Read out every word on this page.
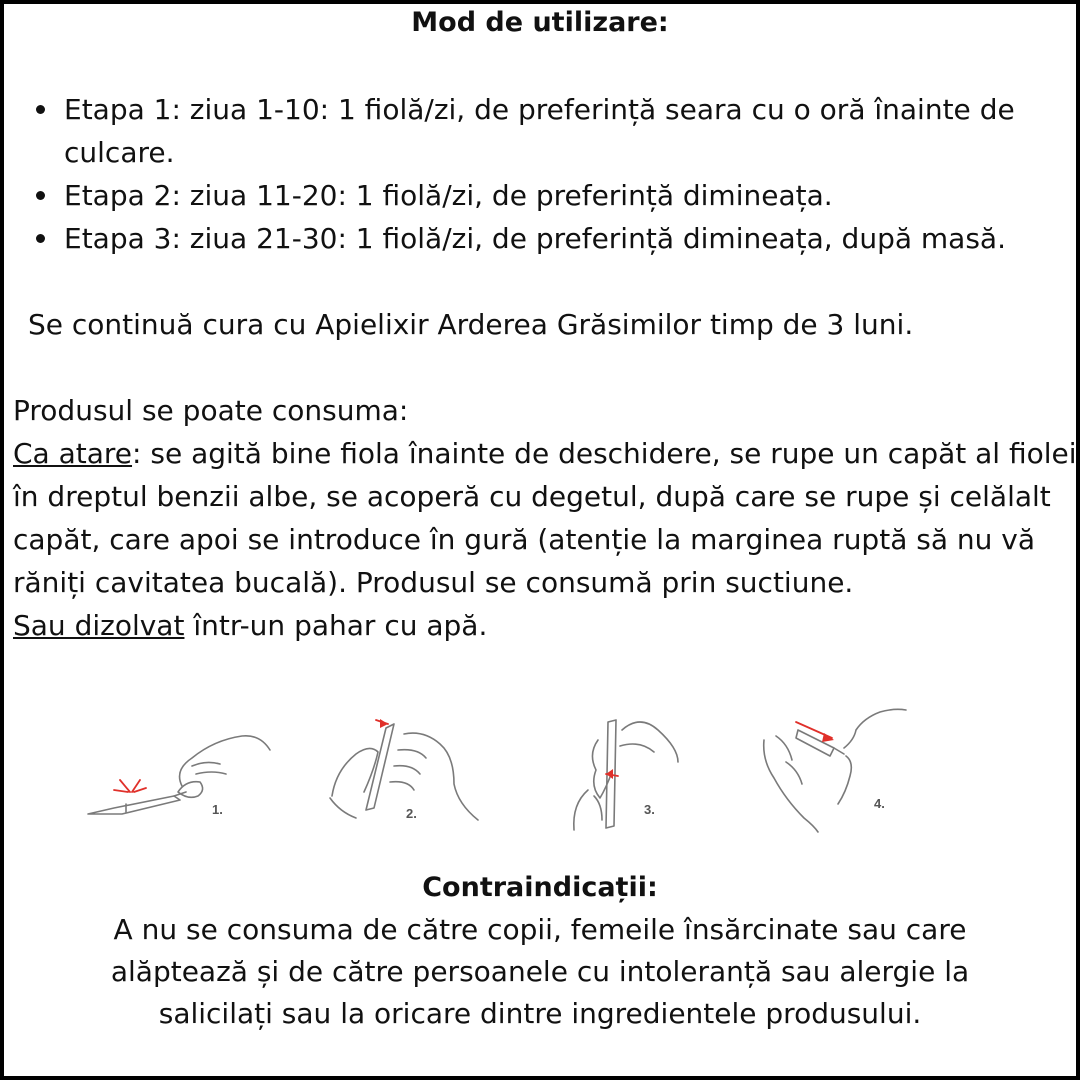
Mod de utilizare:
Etapa 1: ziua 1-10: 1 fiolă/zi, de preferință seara cu o oră înainte de culcare.
Etapa 2: ziua 11-20: 1 fiolă/zi, de preferință dimineața.
Etapa 3: ziua 21-30: 1 fiolă/zi, de preferință dimineața, după masă.
Se continuă cura cu Apielixir Arderea Grăsimilor timp de 3 luni.

Produsul se poate consuma:
Ca atare: se agită bine fiola înainte de deschidere, se rupe un capăt al fiolei în dreptul benzii albe, se acoperă cu degetul, după care se rupe și celălalt capăt, care apoi se introduce în gură (atenție la marginea ruptă să nu vă răniți cavitatea bucală). Produsul se consumă prin suctiune.
Sau dizolvat într-un pahar cu apă.

1.	2.	3.	4.
Contraindicații:

A nu se consuma de către copii, femeile însărcinate sau care alăptează și de către persoanele cu intoleranță sau alergie la salicilați sau la oricare dintre ingredientele produsului.
